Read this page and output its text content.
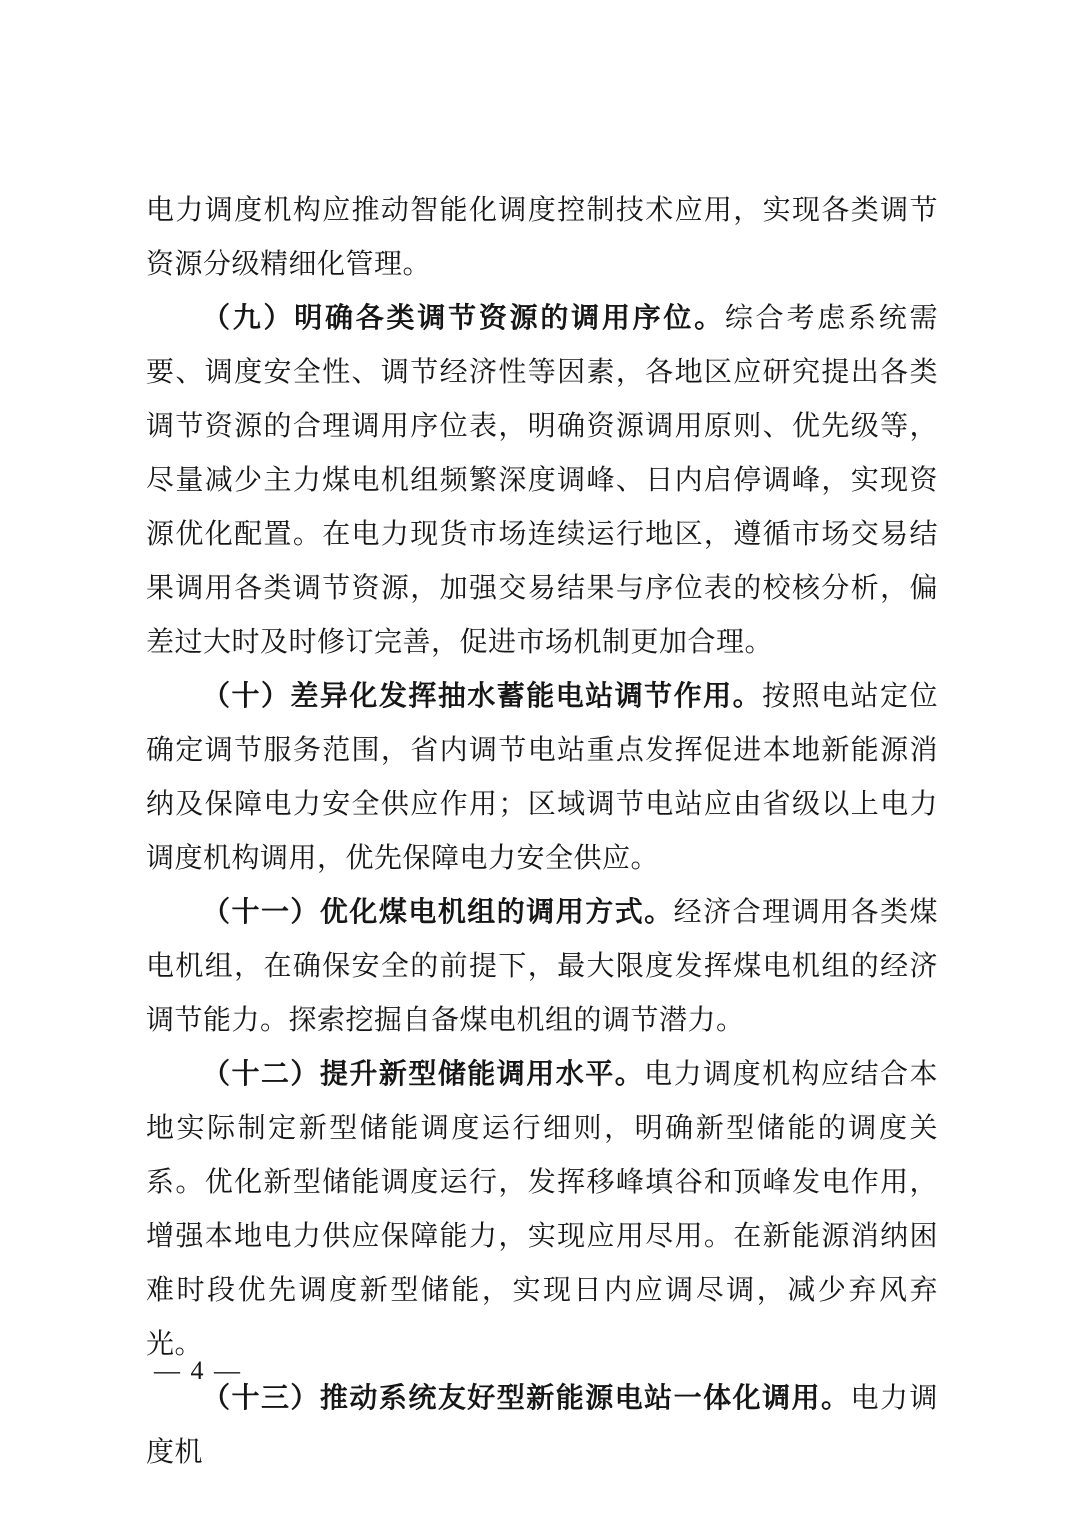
电力调度机构应推动智能化调度控制技术应用，实现各类调节资源分级精细化管理。

（九）明确各类调节资源的调用序位。综合考虑系统需要、调度安全性、调节经济性等因素，各地区应研究提出各类调节资源的合理调用序位表，明确资源调用原则、优先级等，尽量减少主力煤电机组频繁深度调峰、日内启停调峰，实现资源优化配置。在电力现货市场连续运行地区，遵循市场交易结果调用各类调节资源，加强交易结果与序位表的校核分析，偏差过大时及时修订完善，促进市场机制更加合理。

（十）差异化发挥抽水蓄能电站调节作用。按照电站定位确定调节服务范围，省内调节电站重点发挥促进本地新能源消纳及保障电力安全供应作用；区域调节电站应由省级以上电力调度机构调用，优先保障电力安全供应。

（十一）优化煤电机组的调用方式。经济合理调用各类煤电机组，在确保安全的前提下，最大限度发挥煤电机组的经济调节能力。探索挖掘自备煤电机组的调节潜力。

（十二）提升新型储能调用水平。电力调度机构应结合本地实际制定新型储能调度运行细则，明确新型储能的调度关系。优化新型储能调度运行，发挥移峰填谷和顶峰发电作用，增强本地电力供应保障能力，实现应用尽用。在新能源消纳困难时段优先调度新型储能，实现日内应调尽调，减少弃风弃光。

（十三）推动系统友好型新能源电站一体化调用。电力调度机

— 4 —
